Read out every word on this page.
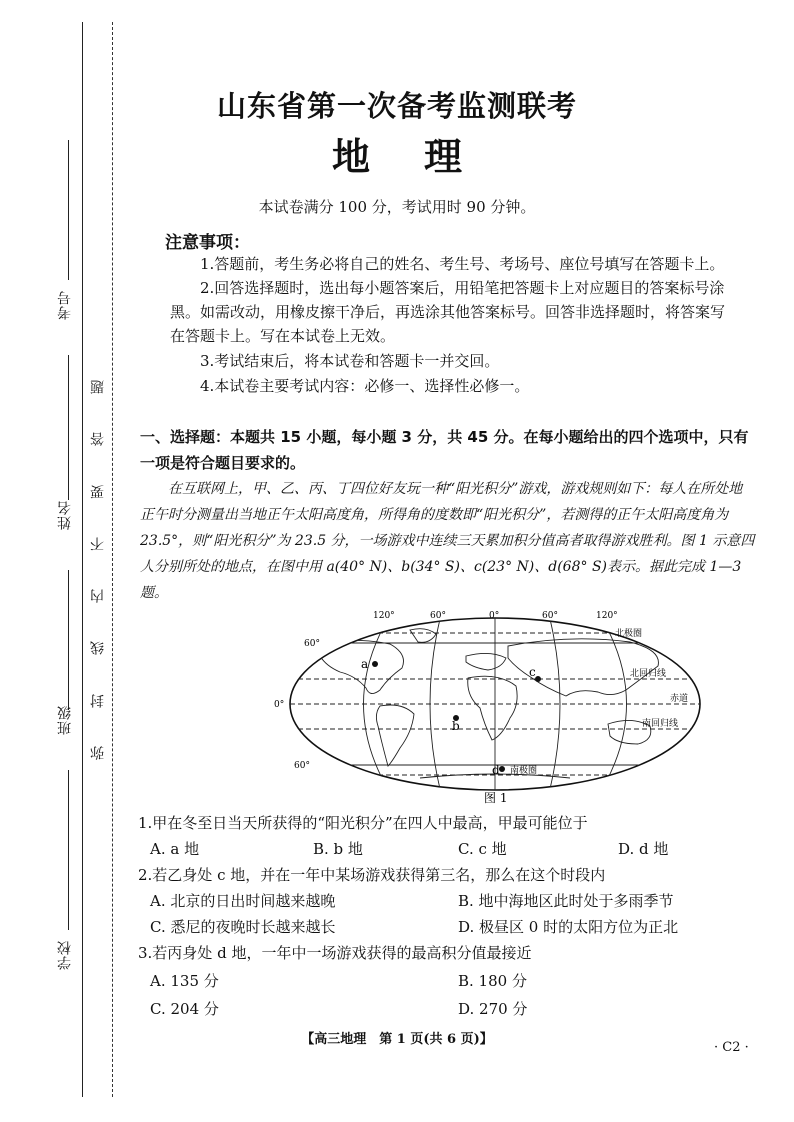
考号
姓名
班级
学校
弥
封
线
内
不
要
答
题
山东省第一次备考监测联考
地理
本试卷满分 100 分，考试用时 90 分钟。
注意事项：
1.答题前，考生务必将自己的姓名、考生号、考场号、座位号填写在答题卡上。
2.回答选择题时，选出每小题答案后，用铅笔把答题卡上对应题目的答案标号涂黑。如需改动，用橡皮擦干净后，再选涂其他答案标号。回答非选择题时，将答案写在答题卡上。写在本试卷上无效。
3.考试结束后，将本试卷和答题卡一并交回。
4.本试卷主要考试内容：必修一、选择性必修一。
一、选择题：本题共 15 小题，每小题 3 分，共 45 分。在每小题给出的四个选项中，只有一项是符合题目要求的。
在互联网上，甲、乙、丙、丁四位好友玩一种“阳光积分”游戏，游戏规则如下：每人在所处地正午时分测量出当地正午太阳高度角，所得角的度数即“阳光积分”，若测得的正午太阳高度角为 23.5°，则“阳光积分”为 23.5 分，一场游戏中连续三天累加积分值高者取得游戏胜利。图 1 示意四人分别所处的地点，在图中用 a(40° N)、b(34° S)、c(23° N)、d(68° S)表示。据此完成 1—3 题。
a
b
c
d
120°	60°	0°	60°	120°
60°
0°
60°
北极圈
北回归线
赤道
南回归线
南极圈
图 1
1.甲在冬至日当天所获得的“阳光积分”在四人中最高，甲最可能位于
A. a 地	B. b 地	C. c 地	D. d 地
2.若乙身处 c 地，并在一年中某场游戏获得第三名，那么在这个时段内
A. 北京的日出时间越来越晚	B. 地中海地区此时处于多雨季节
C. 悉尼的夜晚时长越来越长	D. 极昼区 0 时的太阳方位为正北
3.若丙身处 d 地，一年中一场游戏获得的最高积分值最接近
A. 135 分	B. 180 分
C. 204 分	D. 270 分
【高三地理　第 1 页(共 6 页)】
· C2 ·
